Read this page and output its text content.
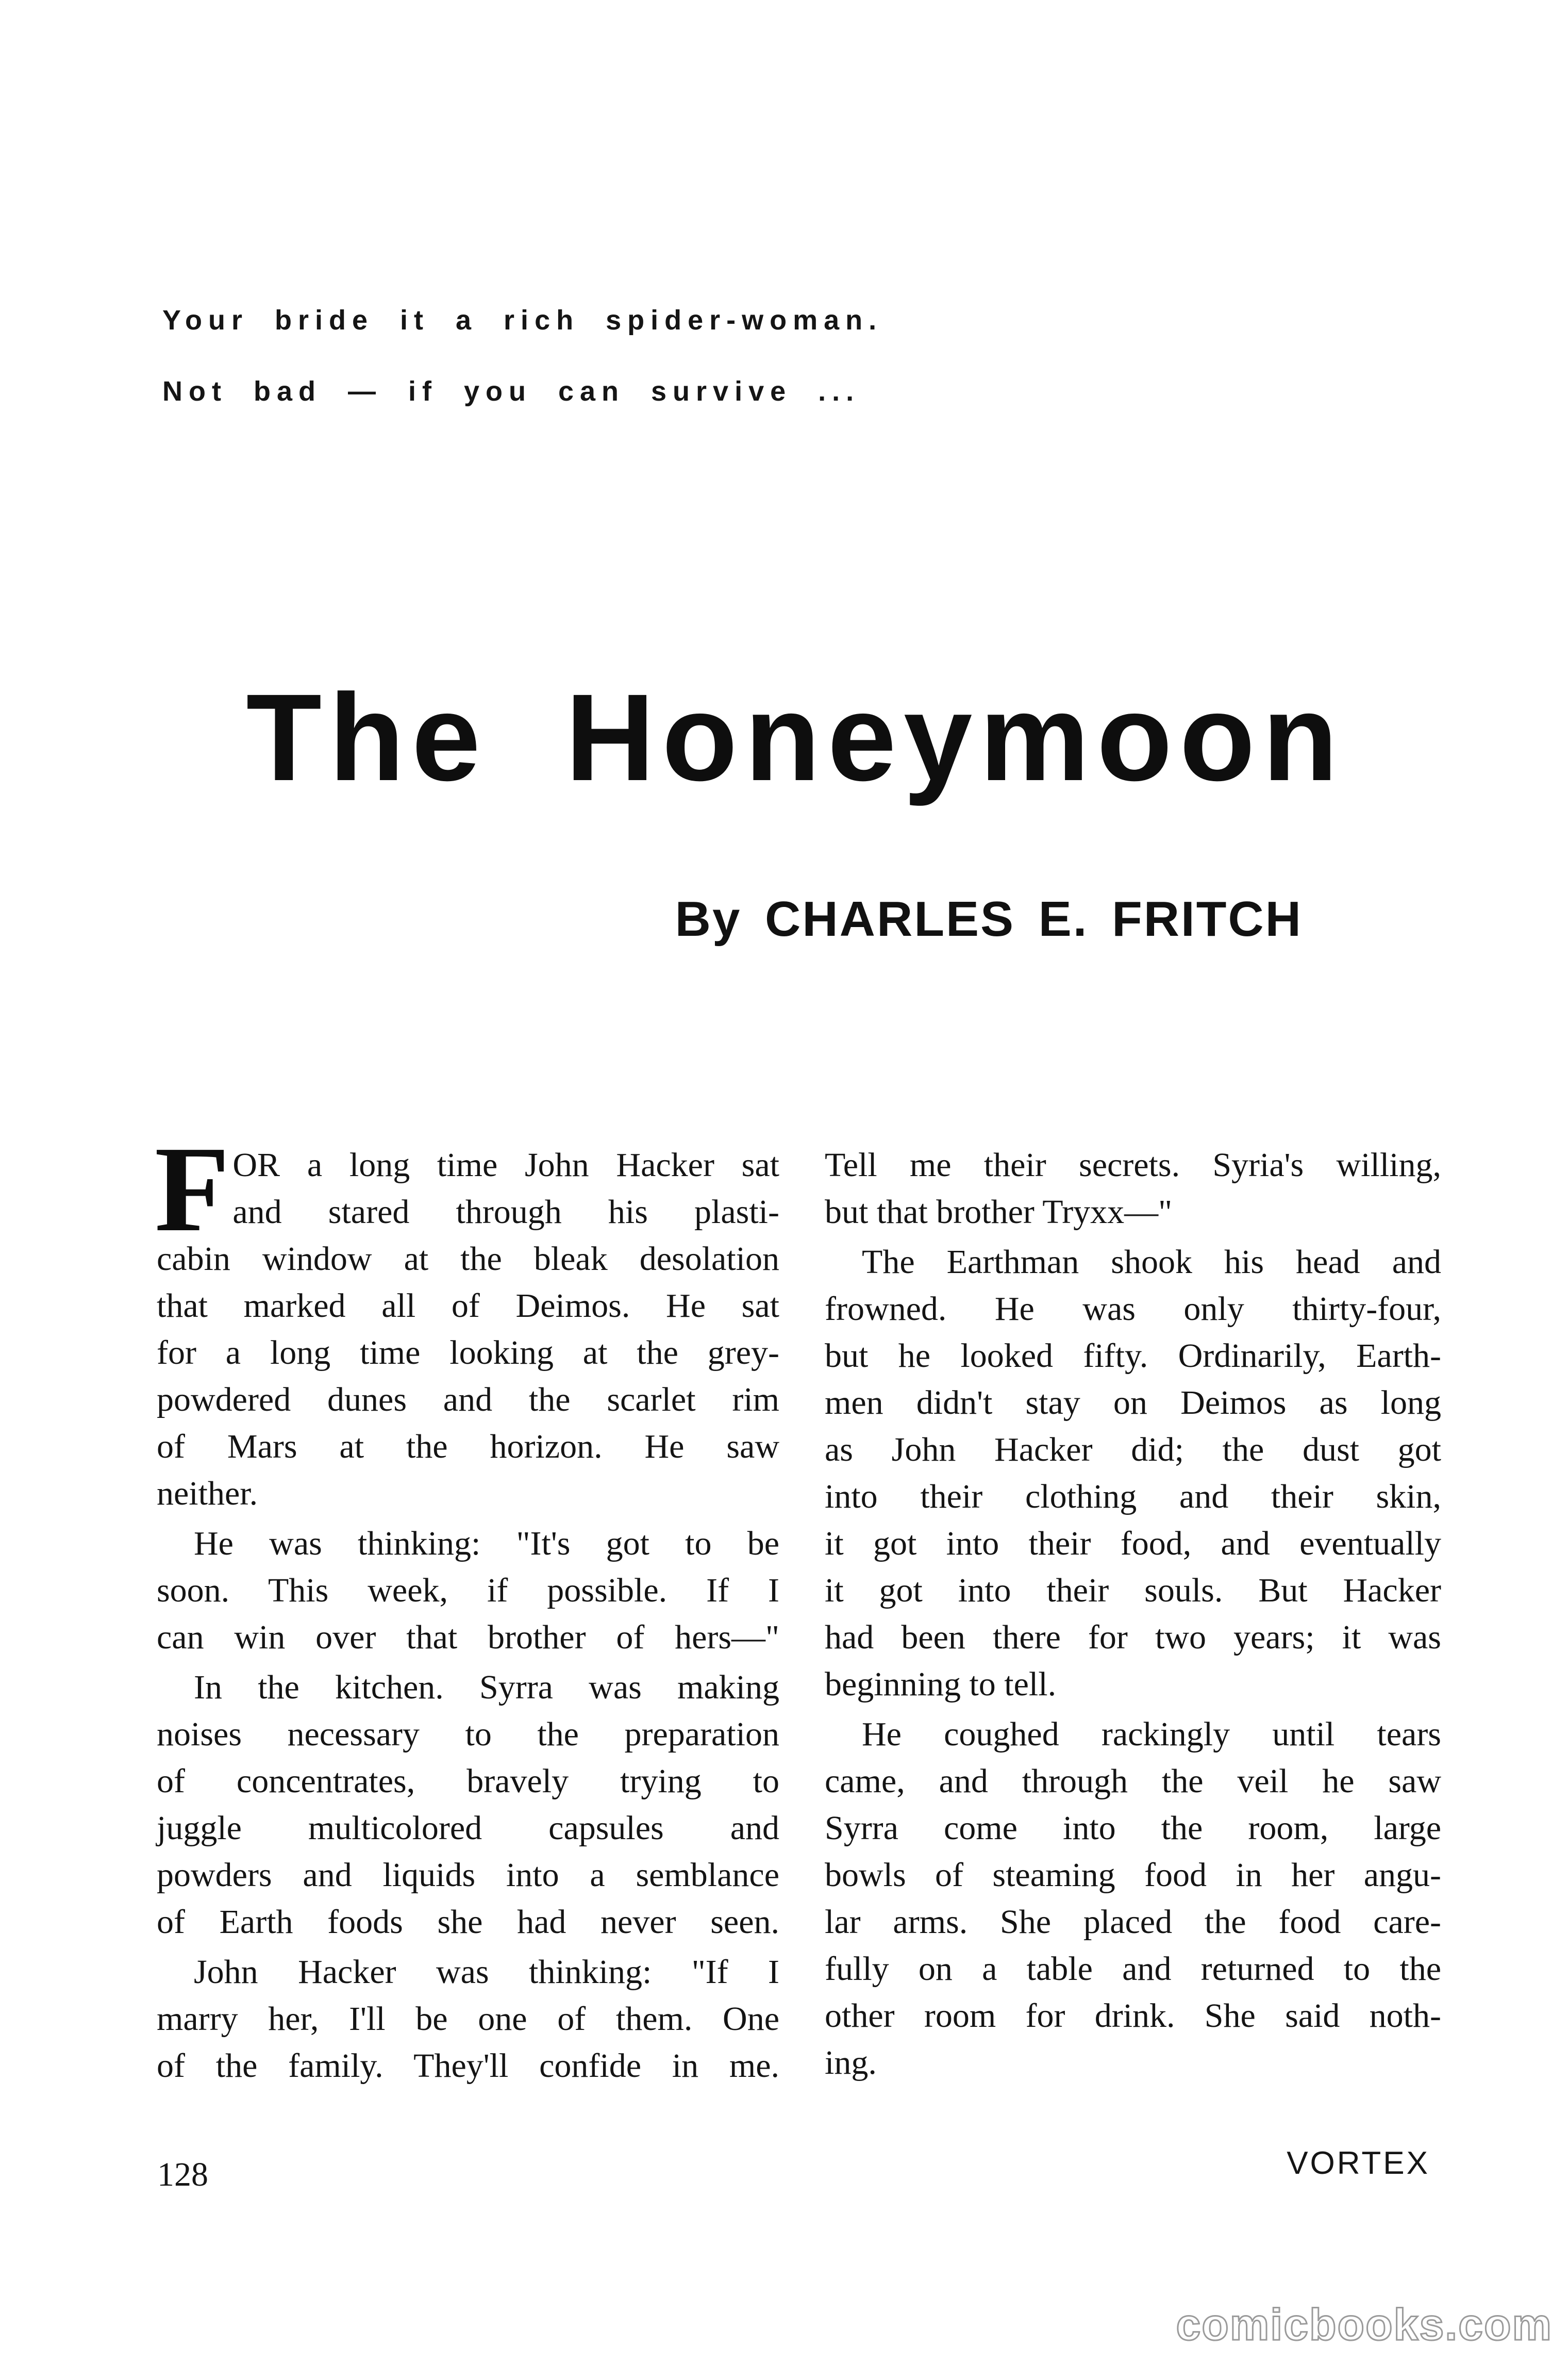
Your bride it a rich spider-woman.
Not bad — if you can survive ...
The Honeymoon
By CHARLES E. FRITCH
F OR a long time John Hacker sat
and stared through his plasti-
cabin window at the bleak desolation
that marked all of Deimos. He sat
for a long time looking at the grey-
powdered dunes and the scarlet rim
of Mars at the horizon. He saw
neither.
He was thinking: "It's got to be
soon. This week, if possible. If I
can win over that brother of hers—"
In the kitchen. Syrra was making
noises necessary to the preparation
of concentrates, bravely trying to
juggle multicolored capsules and
powders and liquids into a semblance
of Earth foods she had never seen.
John Hacker was thinking: "If I
marry her, I'll be one of them. One
of the family. They'll confide in me.
Tell me their secrets. Syria's willing,
but that brother Tryxx—"
The Earthman shook his head and
frowned. He was only thirty-four,
but he looked fifty. Ordinarily, Earth-
men didn't stay on Deimos as long
as John Hacker did; the dust got
into their clothing and their skin,
it got into their food, and eventually
it got into their souls. But Hacker
had been there for two years; it was
beginning to tell.
He coughed rackingly until tears
came, and through the veil he saw
Syrra come into the room, large
bowls of steaming food in her angu-
lar arms. She placed the food care-
fully on a table and returned to the
other room for drink. She said noth-
ing.
128	VORTEX
comicbooks.com
